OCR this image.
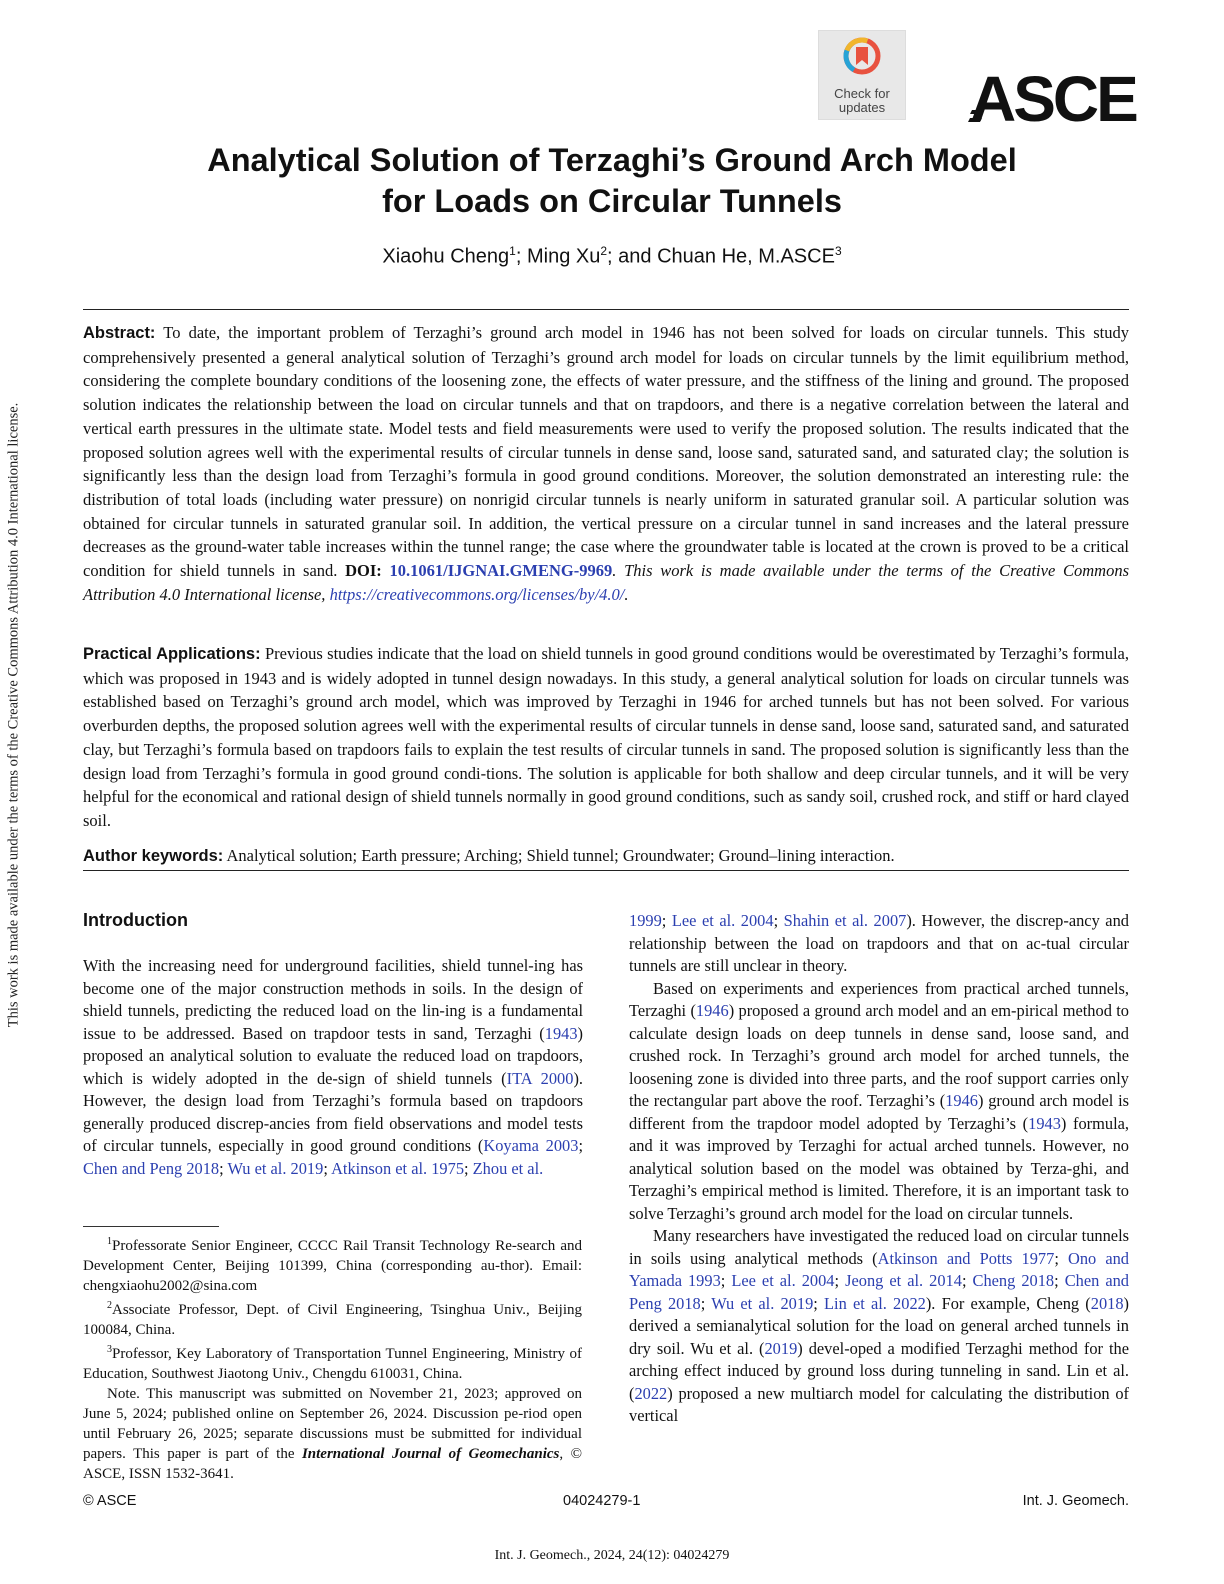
This work is made available under the terms of the Creative Commons Attribution 4.0 International license.
Check for
updates	ASCE
Analytical Solution of Terzaghi’s Ground Arch Model
for Loads on Circular Tunnels
Xiaohu Cheng$^1$; Ming Xu$^2$; and Chuan He, M.ASCE$^3$
Abstract: To date, the important problem of Terzaghi’s ground arch model in 1946 has not been solved for loads on circular tunnels. This study comprehensively presented a general analytical solution of Terzaghi’s ground arch model for loads on circular tunnels by the limit equilibrium method, considering the complete boundary conditions of the loosening zone, the effects of water pressure, and the stiffness of the lining and ground. The proposed solution indicates the relationship between the load on circular tunnels and that on trapdoors, and there is a negative correlation between the lateral and vertical earth pressures in the ultimate state. Model tests and field measurements were used to verify the proposed solution. The results indicated that the proposed solution agrees well with the experimental results of circular tunnels in dense sand, loose sand, saturated sand, and saturated clay; the solution is significantly less than the design load from Terzaghi’s formula in good ground conditions. Moreover, the solution demonstrated an interesting rule: the distribution of total loads (including water pressure) on nonrigid circular tunnels is nearly uniform in saturated granular soil. A particular solution was obtained for circular tunnels in saturated granular soil. In addition, the vertical pressure on a circular tunnel in sand increases and the lateral pressure decreases as the ground-water table increases within the tunnel range; the case where the groundwater table is located at the crown is proved to be a critical condition for shield tunnels in sand. DOI: 10.1061/IJGNAI.GMENG-9969. This work is made available under the terms of the Creative Commons Attribution 4.0 International license, https://creativecommons.org/licenses/by/4.0/.
Practical Applications: Previous studies indicate that the load on shield tunnels in good ground conditions would be overestimated by Terzaghi’s formula, which was proposed in 1943 and is widely adopted in tunnel design nowadays. In this study, a general analytical solution for loads on circular tunnels was established based on Terzaghi’s ground arch model, which was improved by Terzaghi in 1946 for arched tunnels but has not been solved. For various overburden depths, the proposed solution agrees well with the experimental results of circular tunnels in dense sand, loose sand, saturated sand, and saturated clay, but Terzaghi’s formula based on trapdoors fails to explain the test results of circular tunnels in sand. The proposed solution is significantly less than the design load from Terzaghi’s formula in good ground condi-tions. The solution is applicable for both shallow and deep circular tunnels, and it will be very helpful for the economical and rational design of shield tunnels normally in good ground conditions, such as sandy soil, crushed rock, and stiff or hard clayed soil.
Author keywords: Analytical solution; Earth pressure; Arching; Shield tunnel; Groundwater; Ground–lining interaction.
Introduction

With the increasing need for underground facilities, shield tunnel-ing has become one of the major construction methods in soils. In the design of shield tunnels, predicting the reduced load on the lin-ing is a fundamental issue to be addressed. Based on trapdoor tests in sand, Terzaghi (1943) proposed an analytical solution to evaluate the reduced load on trapdoors, which is widely adopted in the de-sign of shield tunnels (ITA 2000). However, the design load from Terzaghi’s formula based on trapdoors generally produced discrep-ancies from field observations and model tests of circular tunnels, especially in good ground conditions (Koyama 2003; Chen and Peng 2018; Wu et al. 2019; Atkinson et al. 1975; Zhou et al.

$^1$Professorate Senior Engineer, CCCC Rail Transit Technology Re-search and Development Center, Beijing 101399, China (corresponding au-thor). Email: chengxiaohu2002@sina.com
$^2$Associate Professor, Dept. of Civil Engineering, Tsinghua Univ., Beijing 100084, China.
$^3$Professor, Key Laboratory of Transportation Tunnel Engineering, Ministry of Education, Southwest Jiaotong Univ., Chengdu 610031, China.
Note. This manuscript was submitted on November 21, 2023; approved on June 5, 2024; published online on September 26, 2024. Discussion pe-riod open until February 26, 2025; separate discussions must be submitted for individual papers. This paper is part of the International Journal of Geomechanics, © ASCE, ISSN 1532-3641.

1999; Lee et al. 2004; Shahin et al. 2007). However, the discrep-ancy and relationship between the load on trapdoors and that on ac-tual circular tunnels are still unclear in theory.

Based on experiments and experiences from practical arched tunnels, Terzaghi (1946) proposed a ground arch model and an em-pirical method to calculate design loads on deep tunnels in dense sand, loose sand, and crushed rock. In Terzaghi’s ground arch model for arched tunnels, the loosening zone is divided into three parts, and the roof support carries only the rectangular part above the roof. Terzaghi’s (1946) ground arch model is different from the trapdoor model adopted by Terzaghi’s (1943) formula, and it was improved by Terzaghi for actual arched tunnels. However, no analytical solution based on the model was obtained by Terza-ghi, and Terzaghi’s empirical method is limited. Therefore, it is an important task to solve Terzaghi’s ground arch model for the load on circular tunnels.

Many researchers have investigated the reduced load on circular tunnels in soils using analytical methods (Atkinson and Potts 1977; Ono and Yamada 1993; Lee et al. 2004; Jeong et al. 2014; Cheng 2018; Chen and Peng 2018; Wu et al. 2019; Lin et al. 2022). For example, Cheng (2018) derived a semianalytical solution for the load on general arched tunnels in dry soil. Wu et al. (2019) devel-oped a modified Terzaghi method for the arching effect induced by ground loss during tunneling in sand. Lin et al. (2022) proposed a new multiarch model for calculating the distribution of vertical

© ASCE	04024279-1	Int. J. Geomech.
Int. J. Geomech., 2024, 24(12): 04024279
